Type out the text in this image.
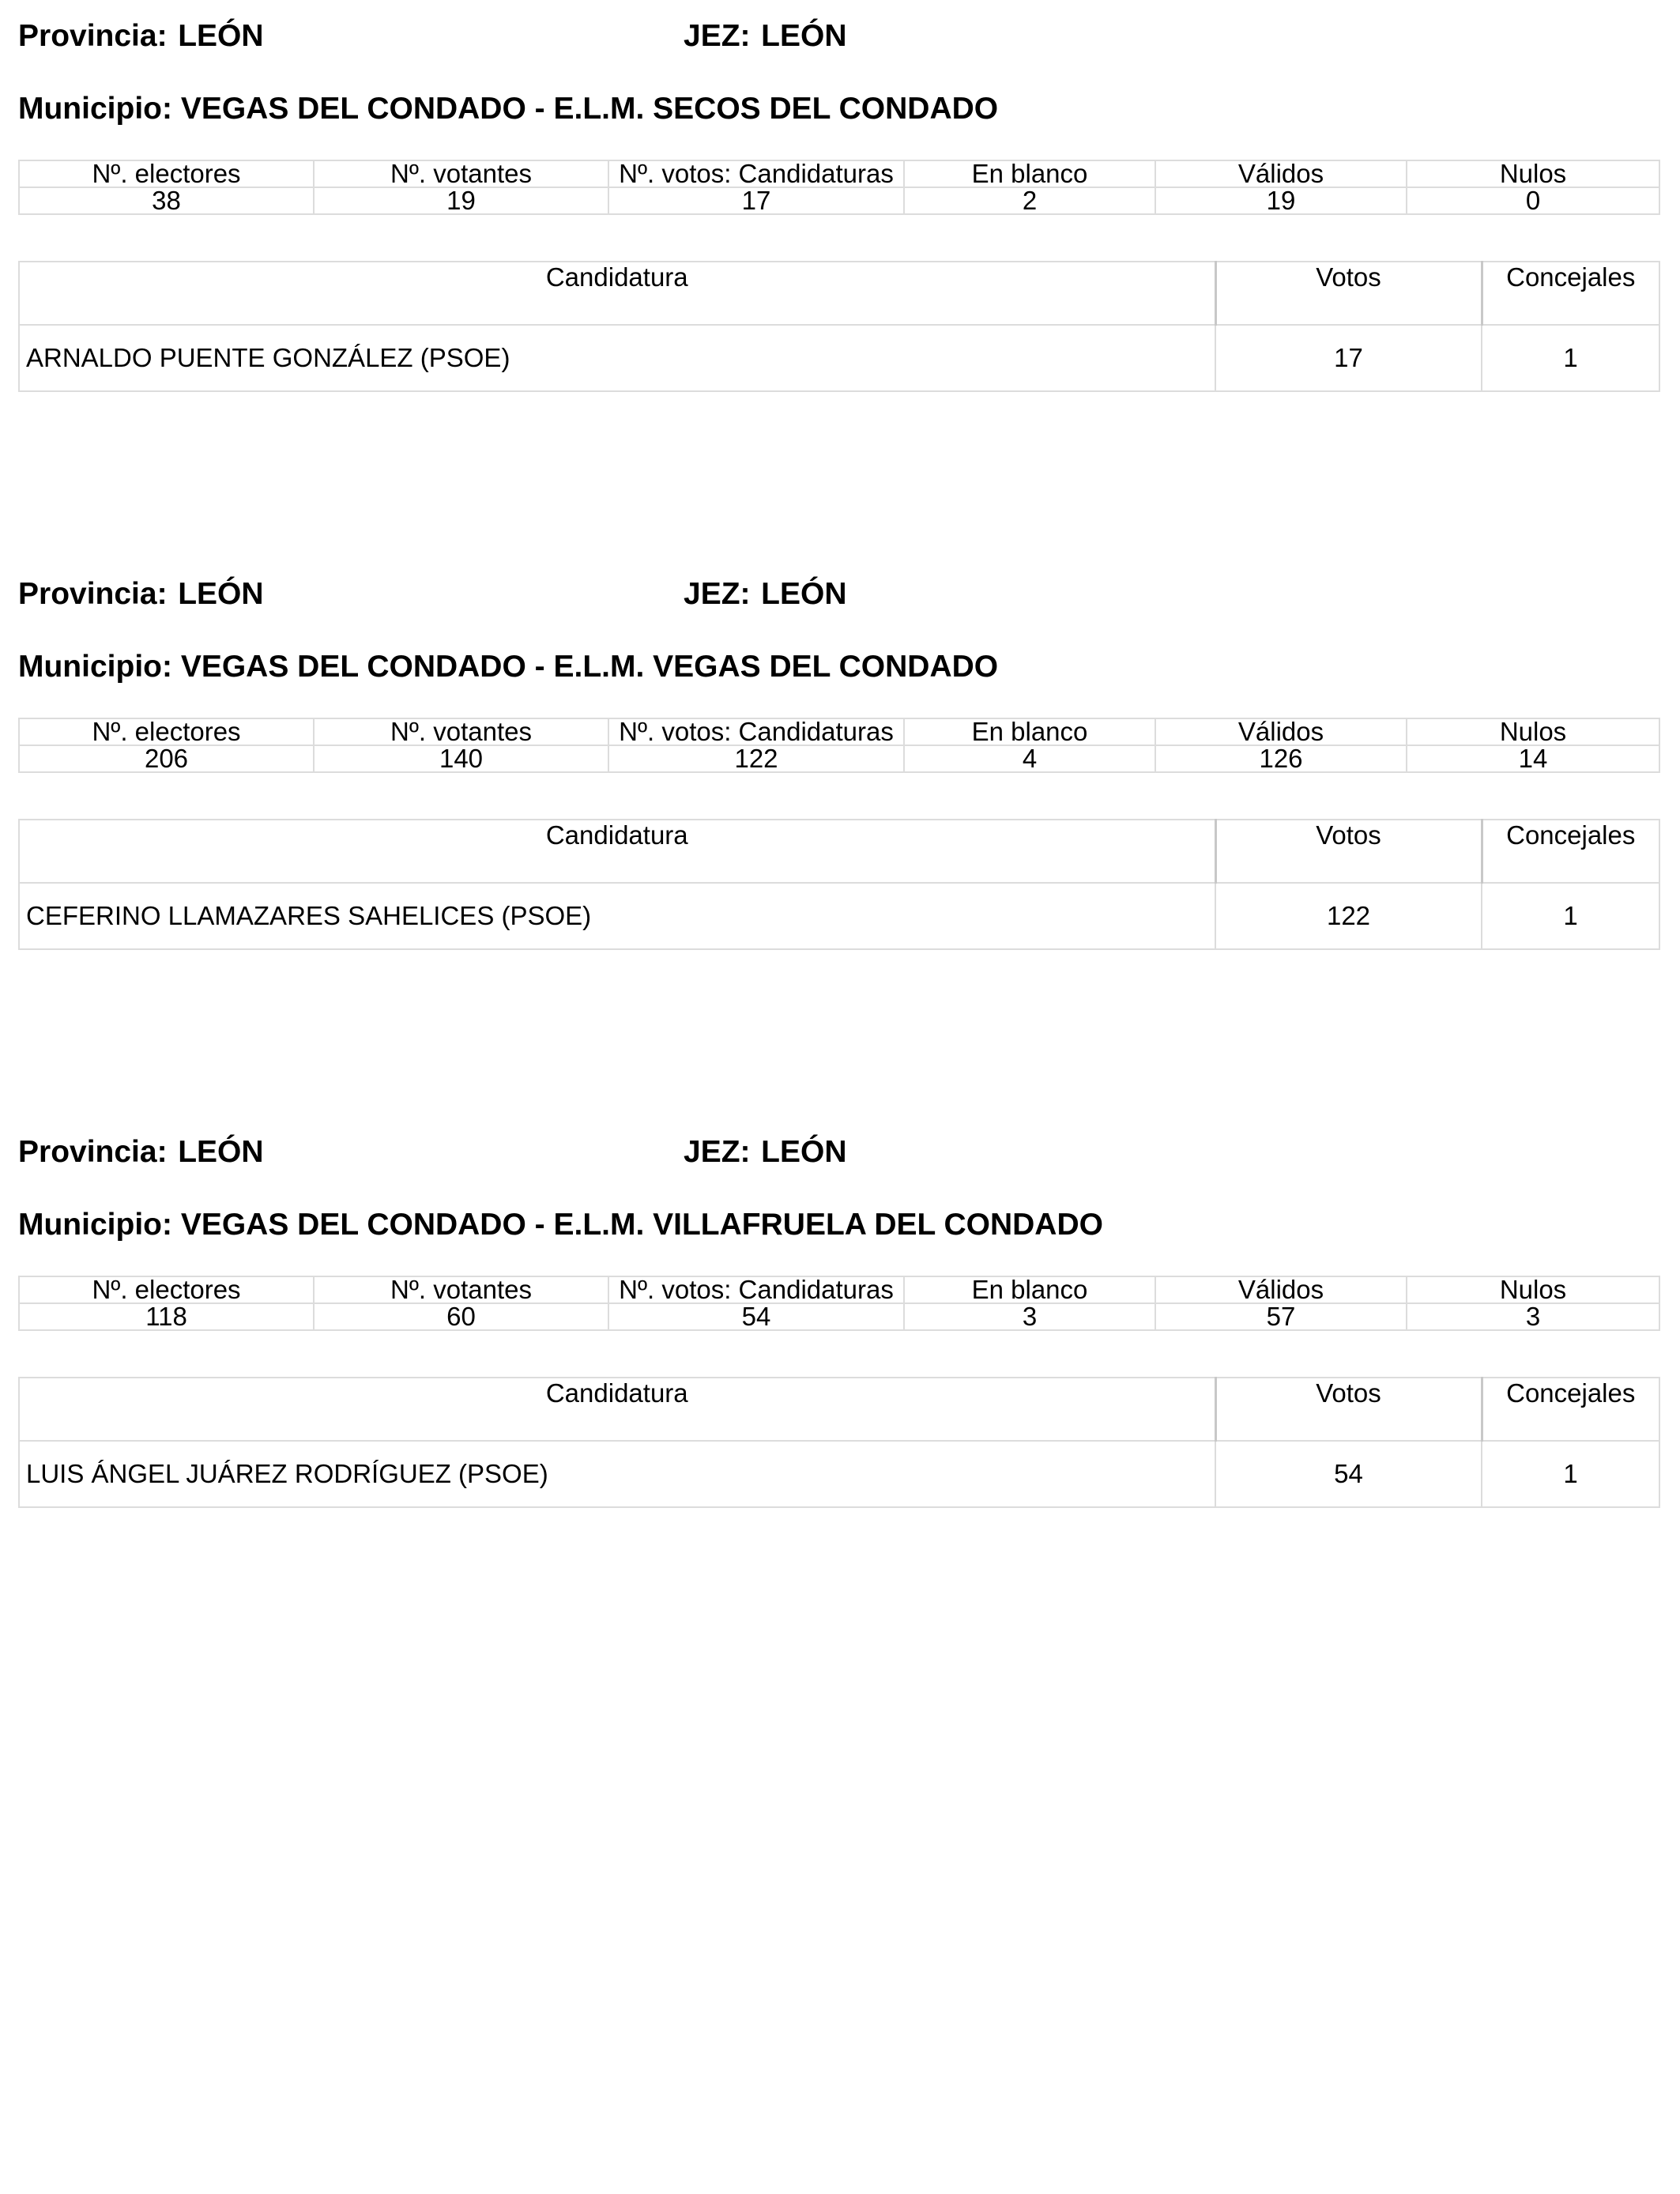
Provincia: LEÓN	JEZ: LEÓN
Municipio: VEGAS DEL CONDADO - E.L.M. SECOS DEL CONDADO
Nº. electores	Nº. votantes	Nº. votos: Candidaturas	En blanco	Válidos	Nulos
38	19	17	2	19	0
Candidatura	Votos	Concejales
ARNALDO PUENTE GONZÁLEZ (PSOE)	17	1
Provincia: LEÓN	JEZ: LEÓN
Municipio: VEGAS DEL CONDADO - E.L.M. VEGAS DEL CONDADO
Nº. electores	Nº. votantes	Nº. votos: Candidaturas	En blanco	Válidos	Nulos
206	140	122	4	126	14
Candidatura	Votos	Concejales
CEFERINO LLAMAZARES SAHELICES (PSOE)	122	1
Provincia: LEÓN	JEZ: LEÓN
Municipio: VEGAS DEL CONDADO - E.L.M. VILLAFRUELA DEL CONDADO
Nº. electores	Nº. votantes	Nº. votos: Candidaturas	En blanco	Válidos	Nulos
118	60	54	3	57	3
Candidatura	Votos	Concejales
LUIS ÁNGEL JUÁREZ RODRÍGUEZ (PSOE)	54	1
